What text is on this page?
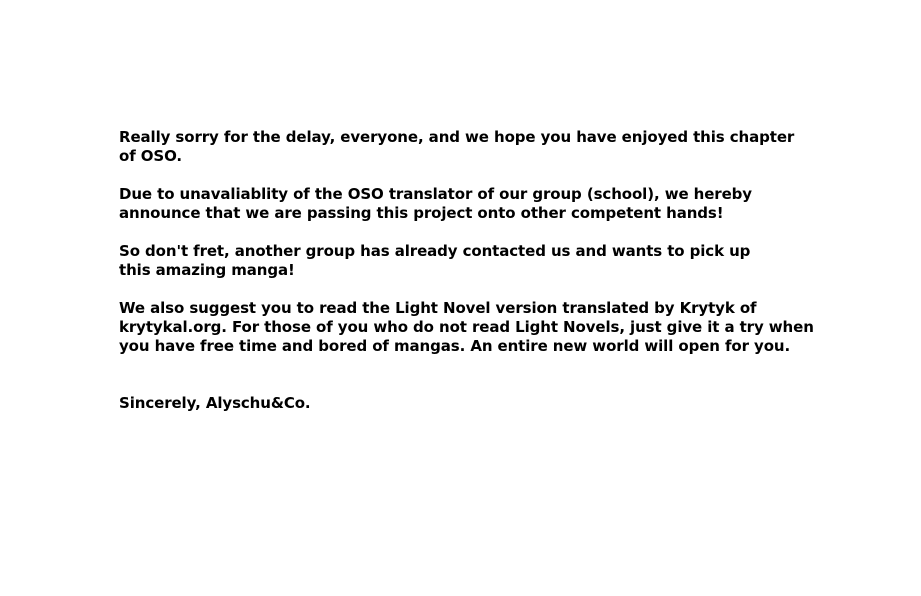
Really sorry for the delay, everyone, and we hope you have enjoyed this chapter
of OSO.

Due to unavaliablity of the OSO translator of our group (school), we hereby
announce that we are passing this project onto other competent hands!

So don't fret, another group has already contacted us and wants to pick up
this amazing manga!

We also suggest you to read the Light Novel version translated by Krytyk of
krytykal.org. For those of you who do not read Light Novels, just give it a try when
you have free time and bored of mangas. An entire new world will open for you.

Sincerely, Alyschu&Co.
